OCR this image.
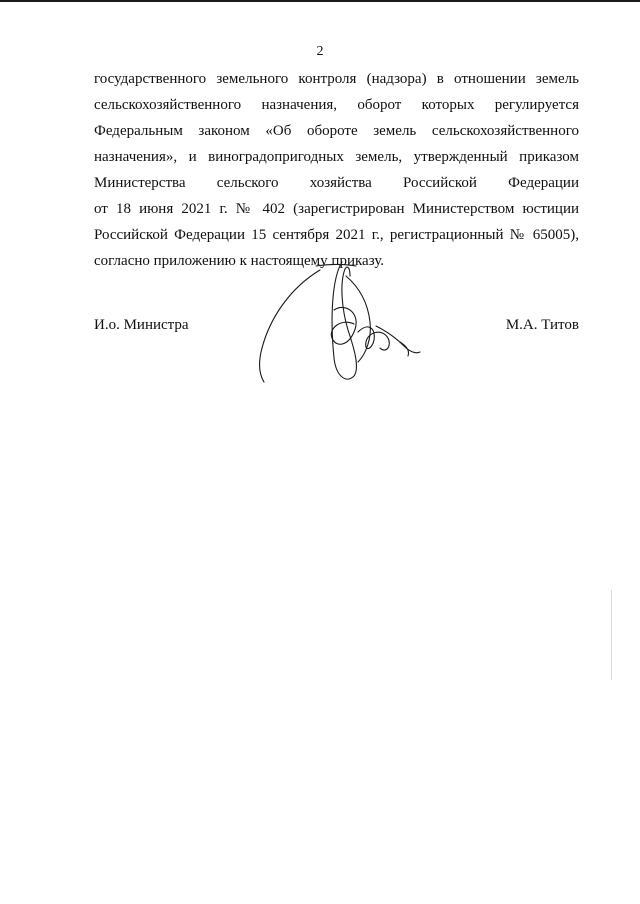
2
государственного земельного контроля (надзора) в отношении земель
сельскохозяйственного назначения, оборот которых регулируется
Федеральным законом «Об обороте земель сельскохозяйственного
назначения», и виноградопригодных земель, утвержденный приказом
Министерства сельского хозяйства Российской Федерации
от 18 июня 2021 г. № 402 (зарегистрирован Министерством юстиции
Российской Федерации 15 сентября 2021 г., регистрационный № 65005),
согласно приложению к настоящему приказу.
И.о. Министра	М.А. Титов
